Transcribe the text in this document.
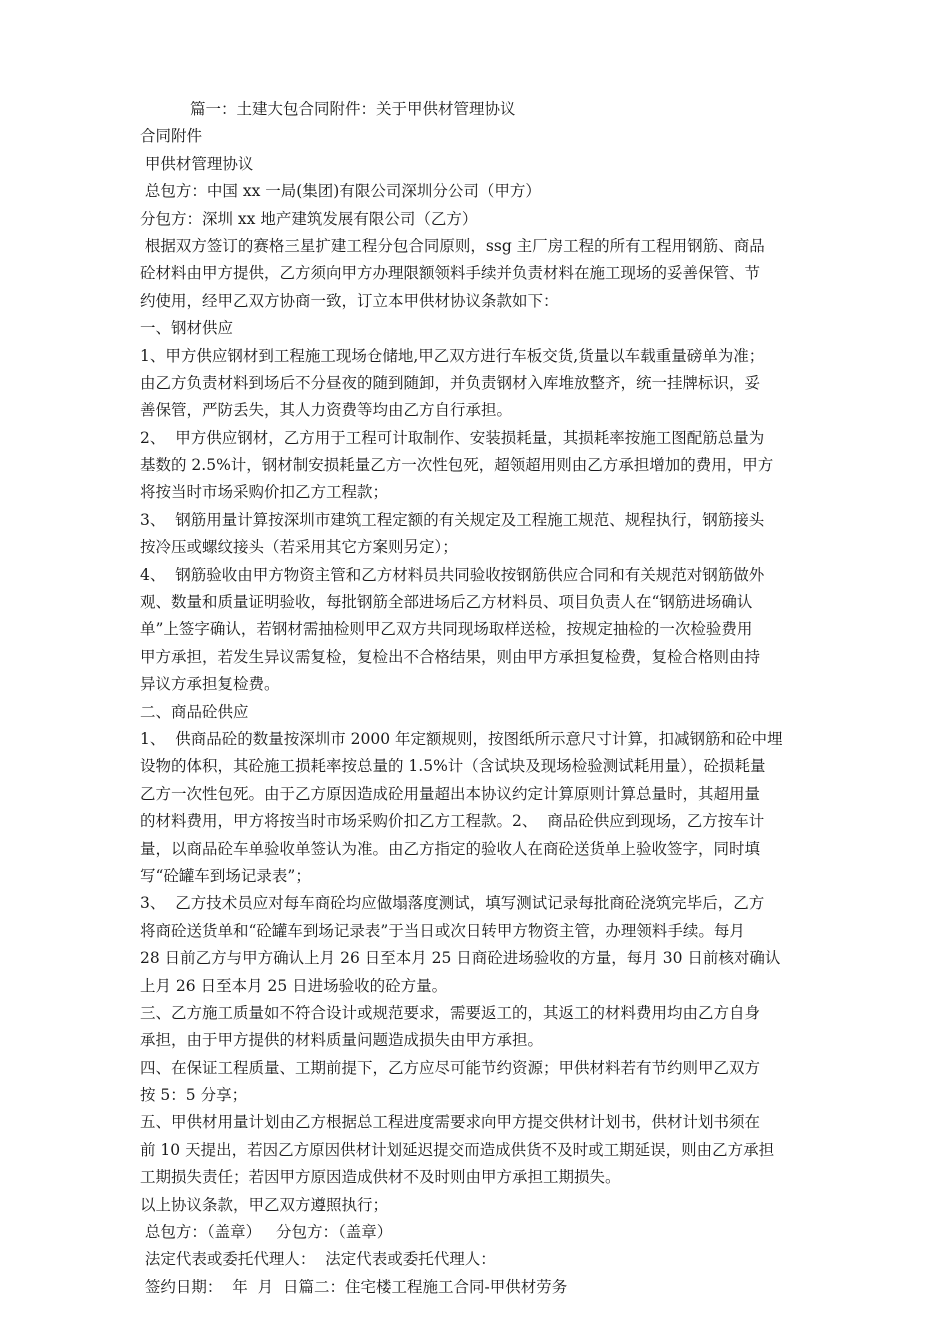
篇一：土建大包合同附件：关于甲供材管理协议
合同附件
甲供材管理协议
总包方：中国 xx 一局(集团)有限公司深圳分公司（甲方）
分包方：深圳 xx 地产建筑发展有限公司（乙方）
根据双方签订的赛格三星扩建工程分包合同原则，ssg 主厂房工程的所有工程用钢筋、商品
砼材料由甲方提供，乙方须向甲方办理限额领料手续并负责材料在施工现场的妥善保管、节
约使用，经甲乙双方协商一致，订立本甲供材协议条款如下：
一、钢材供应
1、甲方供应钢材到工程施工现场仓储地,甲乙双方进行车板交货,货量以车载重量磅单为准；
由乙方负责材料到场后不分昼夜的随到随卸，并负责钢材入库堆放整齐，统一挂牌标识，妥
善保管，严防丢失，其人力资费等均由乙方自行承担。
2、  甲方供应钢材，乙方用于工程可计取制作、安装损耗量，其损耗率按施工图配筋总量为
基数的 2.5%计，钢材制安损耗量乙方一次性包死，超领超用则由乙方承担增加的费用，甲方
将按当时市场采购价扣乙方工程款；
3、  钢筋用量计算按深圳市建筑工程定额的有关规定及工程施工规范、规程执行，钢筋接头
按冷压或螺纹接头（若采用其它方案则另定）；
4、  钢筋验收由甲方物资主管和乙方材料员共同验收按钢筋供应合同和有关规范对钢筋做外
观、数量和质量证明验收，每批钢筋全部进场后乙方材料员、项目负责人在“钢筋进场确认
单”上签字确认，若钢材需抽检则甲乙双方共同现场取样送检，按规定抽检的一次检验费用
甲方承担，若发生异议需复检，复检出不合格结果，则由甲方承担复检费，复检合格则由持
异议方承担复检费。
二、商品砼供应
1、  供商品砼的数量按深圳市 2000 年定额规则，按图纸所示意尺寸计算，扣减钢筋和砼中埋
设物的体积，其砼施工损耗率按总量的 1.5%计（含试块及现场检验测试耗用量），砼损耗量
乙方一次性包死。由于乙方原因造成砼用量超出本协议约定计算原则计算总量时，其超用量
的材料费用，甲方将按当时市场采购价扣乙方工程款。2、  商品砼供应到现场，乙方按车计
量，以商品砼车单验收单签认为准。由乙方指定的验收人在商砼送货单上验收签字，同时填
写“砼罐车到场记录表”；
3、  乙方技术员应对每车商砼均应做塌落度测试，填写测试记录每批商砼浇筑完毕后，乙方
将商砼送货单和“砼罐车到场记录表”于当日或次日转甲方物资主管，办理领料手续。每月
28 日前乙方与甲方确认上月 26 日至本月 25 日商砼进场验收的方量，每月 30 日前核对确认
上月 26 日至本月 25 日进场验收的砼方量。
三、乙方施工质量如不符合设计或规范要求，需要返工的，其返工的材料费用均由乙方自身
承担，由于甲方提供的材料质量问题造成损失由甲方承担。
四、在保证工程质量、工期前提下，乙方应尽可能节约资源；甲供材料若有节约则甲乙双方
按 5：5 分享；
五、甲供材用量计划由乙方根据总工程进度需要求向甲方提交供材计划书，供材计划书须在
前 10 天提出，若因乙方原因供材计划延迟提交而造成供货不及时或工期延误，则由乙方承担
工期损失责任；若因甲方原因造成供材不及时则由甲方承担工期损失。
以上协议条款，甲乙双方遵照执行；
总包方：（盖章）   分包方：（盖章）
法定代表或委托代理人：  法定代表或委托代理人：
签约日期：  年  月  日篇二：住宅楼工程施工合同-甲供材劳务
